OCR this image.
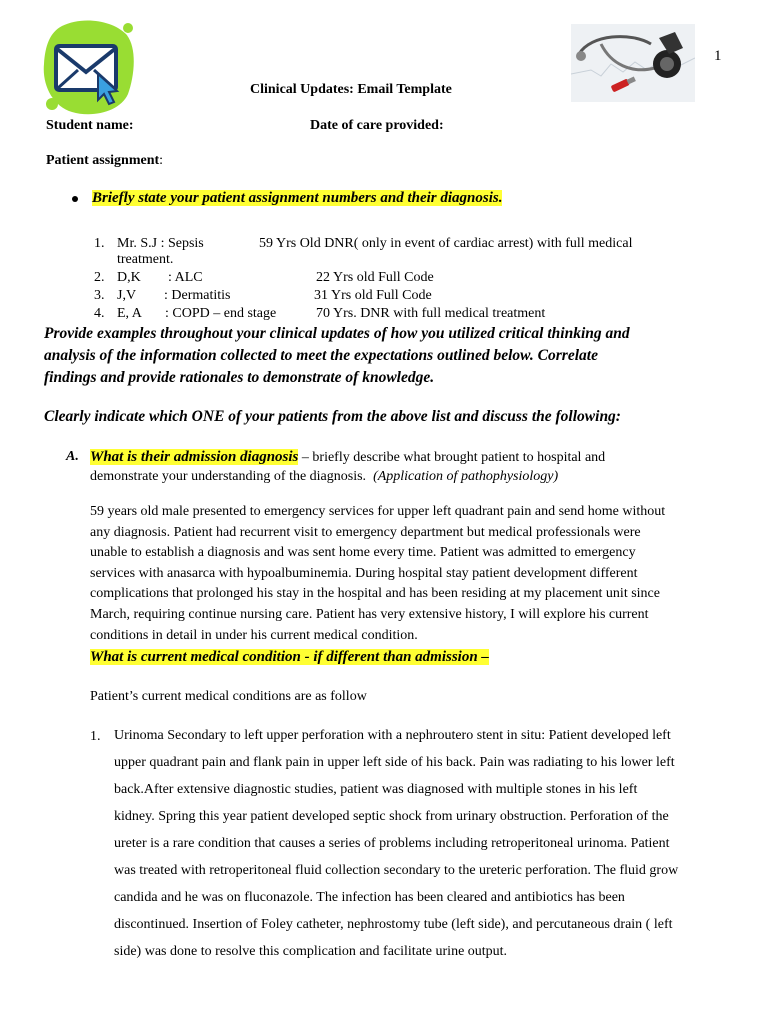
1
Clinical Updates: Email Template
Student name:	Date of care provided:
Patient assignment:
Briefly state your patient assignment numbers and their diagnosis.
1. Mr. S.J : Sepsis	59 Yrs Old DNR( only in event of cardiac arrest) with full medical
treatment.
2. D,K : ALC	22 Yrs old Full Code
3. J,V : Dermatitis	31 Yrs old Full Code
4. E, A : COPD – end stage	70 Yrs. DNR with full medical treatment
Provide examples throughout your clinical updates of how you utilized critical thinking and
analysis of the information collected to meet the expectations outlined below. Correlate
findings and provide rationales to demonstrate of knowledge.
Clearly indicate which ONE of your patients from the above list and discuss the following:
A. What is their admission diagnosis – briefly describe what brought patient to hospital and
demonstrate your understanding of the diagnosis.  (Application of pathophysiology)
59 years old male presented to emergency services for upper left quadrant pain and send home without
any diagnosis. Patient had recurrent visit to emergency department but medical professionals were
unable to establish a diagnosis and was sent home every time. Patient was admitted to emergency
services with anasarca with hypoalbuminemia. During hospital stay patient development different
complications that prolonged his stay in the hospital and has been residing at my placement unit since
March, requiring continue nursing care. Patient has very extensive history, I will explore his current
conditions in detail in under his current medical condition.
What is current medical condition - if different than admission –
Patient’s current medical conditions are as follow
1. Urinoma Secondary to left upper perforation with a nephroutero stent in situ: Patient developed left
upper quadrant pain and flank pain in upper left side of his back. Pain was radiating to his lower left
back.After extensive diagnostic studies, patient was diagnosed with multiple stones in his left
kidney. Spring this year patient developed septic shock from urinary obstruction. Perforation of the
ureter is a rare condition that causes a series of problems including retroperitoneal urinoma. Patient
was treated with retroperitoneal fluid collection secondary to the ureteric perforation. The fluid grow
candida and he was on fluconazole. The infection has been cleared and antibiotics has been
discontinued. Insertion of Foley catheter, nephrostomy tube (left side), and percutaneous drain ( left
side) was done to resolve this complication and facilitate urine output.
